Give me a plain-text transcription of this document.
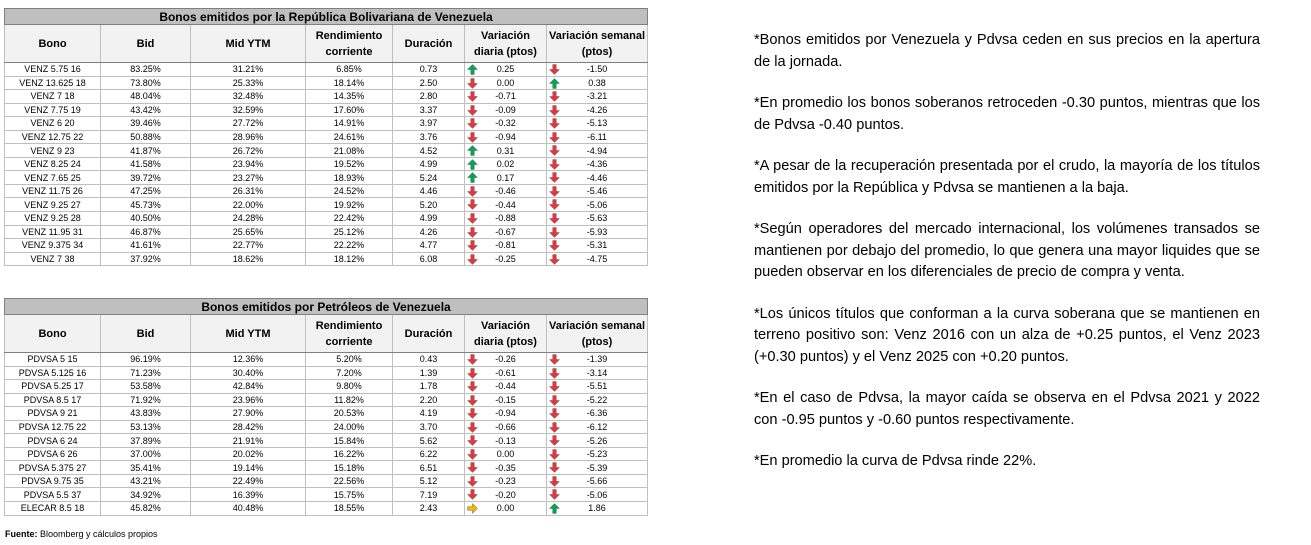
Bonos emitidos por la República Bolivariana de Venezuela						
Bono	Bid	Mid YTM	Rendimiento corriente	Duración	Variación diaria (ptos)	Variación semanal (ptos)
VENZ 5.75 16	83.25%	31.21%	6.85%	0.73	0.25	-1.50
VENZ 13.625 18	73.80%	25.33%	18.14%	2.50	0.00	0.38
VENZ 7 18	48.04%	32.48%	14.35%	2.80	-0.71	-3.21
VENZ 7.75 19	43.42%	32.59%	17.60%	3.37	-0.09	-4.26
VENZ 6 20	39.46%	27.72%	14.91%	3.97	-0.32	-5.13
VENZ 12.75 22	50.88%	28.96%	24.61%	3.76	-0.94	-6.11
VENZ 9 23	41.87%	26.72%	21.08%	4.52	0.31	-4.94
VENZ 8.25 24	41.58%	23.94%	19.52%	4.99	0.02	-4.36
VENZ 7.65 25	39.72%	23.27%	18.93%	5.24	0.17	-4.46
VENZ 11.75 26	47.25%	26.31%	24.52%	4.46	-0.46	-5.46
VENZ 9.25 27	45.73%	22.00%	19.92%	5.20	-0.44	-5.06
VENZ 9.25 28	40.50%	24.28%	22.42%	4.99	-0.88	-5.63
VENZ 11.95 31	46.87%	25.65%	25.12%	4.26	-0.67	-5.93
VENZ 9.375 34	41.61%	22.77%	22.22%	4.77	-0.81	-5.31
VENZ 7 38	37.92%	18.62%	18.12%	6.08	-0.25	-4.75
Bonos emitidos por Petróleos de Venezuela						
Bono	Bid	Mid YTM	Rendimiento corriente	Duración	Variación diaria (ptos)	Variación semanal (ptos)
PDVSA 5 15	96.19%	12.36%	5.20%	0.43	-0.26	-1.39
PDVSA 5.125 16	71.23%	30.40%	7.20%	1.39	-0.61	-3.14
PDVSA 5.25 17	53.58%	42.84%	9.80%	1.78	-0.44	-5.51
PDVSA 8.5 17	71.92%	23.96%	11.82%	2.20	-0.15	-5.22
PDVSA 9 21	43.83%	27.90%	20.53%	4.19	-0.94	-6.36
PDVSA 12.75 22	53.13%	28.42%	24.00%	3.70	-0.66	-6.12
PDVSA 6 24	37.89%	21.91%	15.84%	5.62	-0.13	-5.26
PDVSA 6 26	37.00%	20.02%	16.22%	6.22	0.00	-5.23
PDVSA 5.375 27	35.41%	19.14%	15.18%	6.51	-0.35	-5.39
PDVSA 9.75 35	43.21%	22.49%	22.56%	5.12	-0.23	-5.66
PDVSA 5.5 37	34.92%	16.39%	15.75%	7.19	-0.20	-5.06
ELECAR 8.5 18	45.82%	40.48%	18.55%	2.43	0.00	1.86
Fuente: Bloomberg y cálculos propios

*Bonos emitidos por Venezuela y Pdvsa ceden en sus precios en la apertura de la jornada.

*En promedio los bonos soberanos retroceden -0.30 puntos, mientras que los de Pdvsa -0.40 puntos.

*A pesar de la recuperación presentada por el crudo, la mayoría de los títulos emitidos por la República y Pdvsa se mantienen a la baja.

*Según operadores del mercado internacional, los volúmenes transados se mantienen por debajo del promedio, lo que genera una mayor liquides que se pueden observar en los diferenciales de precio de compra y venta.

*Los únicos títulos que conforman a la curva soberana que se mantienen en terreno positivo son: Venz 2016 con un alza de +0.25 puntos, el Venz 2023 (+0.30 puntos) y el Venz 2025 con +0.20 puntos.

*En el caso de Pdvsa, la mayor caída se observa en el Pdvsa 2021 y 2022 con -0.95 puntos y -0.60 puntos respectivamente.

*En promedio la curva de Pdvsa rinde 22%.
